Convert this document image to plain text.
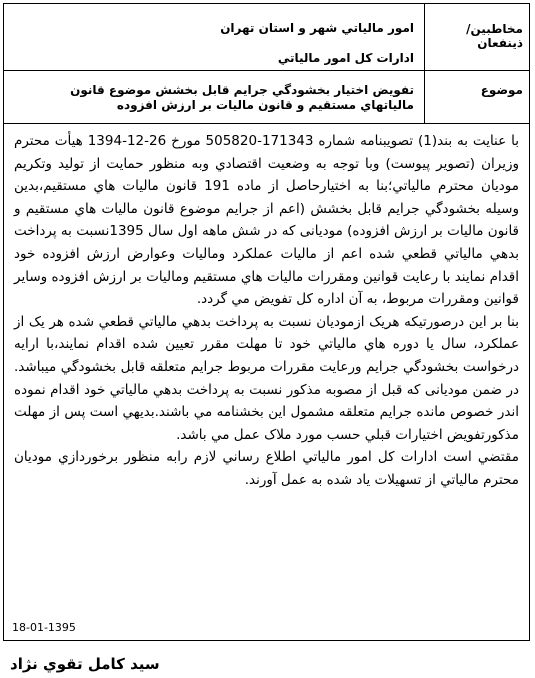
مخاطبين/ذينفعان
امور مالياتي شهر و استان تهران
ادارات كل امور مالياتي
موضوع
تفويض اختيار بخشودگي جرايم قابل بخشش موضوع قانون مالياتهاي مستقيم و قانون ماليات بر ارزش افزوده

با عنايت به بند(1) تصويبنامه شماره 171343-505820 مورخ 26-12-1394 هيأت محترم وزيران (تصوير پيوست) وبا توجه به وضعيت اقتصادي وبه منظور حمايت از توليد وتكريم موديان محترم مالياتي؛بنا به اختيارحاصل از ماده 191 قانون ماليات هاي مستقيم،بدين وسيله بخشودگي جرايم قابل بخشش (اعم از جرايم موضوع قانون ماليات هاي مستقيم و قانون ماليات بر ارزش افزوده) موديانى كه در شش ماهه اول سال 1395نسبت به پرداخت بدهي مالياتي قطعي شده اعم از ماليات عملكرد وماليات وعوارض ارزش افزوده خود اقدام نمايند با رعايت قوانين ومقررات ماليات هاي مستقيم وماليات بر ارزش افزوده وساير قوانين ومقررات مربوط، به آن اداره كل تفويض مي گردد.

بنا بر اين درصورتيكه هريک ازموديان نسبت به پرداخت بدهي مالياتي قطعي شده هر يک از عملكرد، سال يا دوره هاي مالياتي خود تا مهلت مقرر تعيين شده اقدام نمايند،با ارايه درخواست بخشودگي جرايم ورعايت مقررات مربوط جرايم متعلقه قابل بخشودگي ميباشد. در ضمن موديانى كه قبل از مصوبه مذكور نسبت به پرداخت بدهي مالياتي خود اقدام نموده اندر خصوص مانده جرايم متعلقه مشمول اين بخشنامه مي باشند.بديهي است پس از مهلت مذكورتفويض اختيارات قبلي حسب مورد ملاک عمل مي باشد.

مقتضي است ادارات كل امور مالياتي اطلاع رساني لازم رابه منظور برخوردازي موديان محترم مالياتي از تسهيلات ياد شده به عمل آورند.

18-01-1395
سيد كامل تقوي نژاد
